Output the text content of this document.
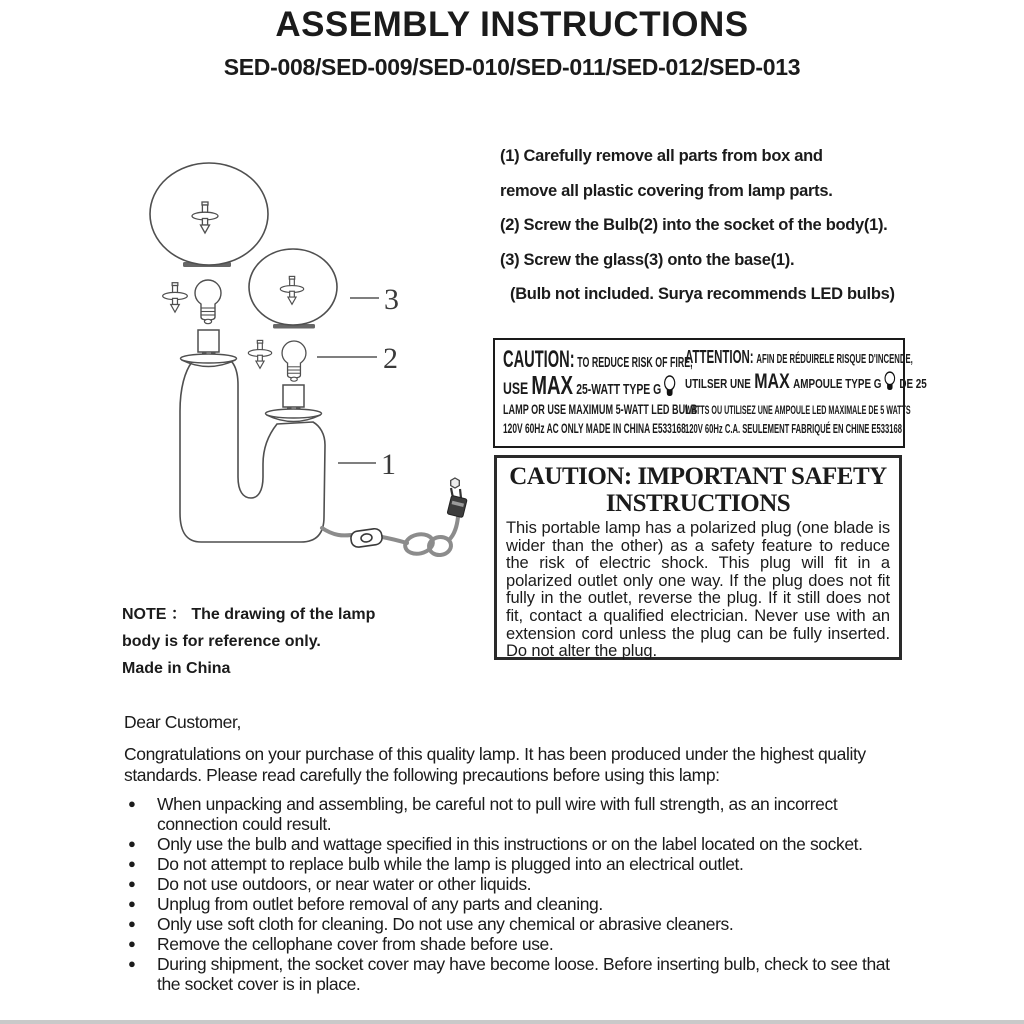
ASSEMBLY INSTRUCTIONS
SED-008/SED-009/SED-010/SED-011/SED-012/SED-013
3
2
1
(1) Carefully remove all parts from box and
remove all plastic covering from lamp parts.
(2) Screw the Bulb(2) into the socket of the body(1).
(3) Screw the glass(3) onto the base(1).
(Bulb not included. Surya recommends LED bulbs)
CAUTION: TO REDUCE RISK OF FIRE,
USE MAX 25-WATT TYPE G
LAMP OR USE MAXIMUM 5-WATT LED BULB
120V 60Hz AC ONLY MADE IN CHINA E533168
ATTENTION: AFIN DE RÉDUIRELE RISQUE D'INCENDE,
UTILSER UNE MAX AMPOULE TYPE G DE 25
WATTS OU UTILISEZ UNE AMPOULE LED MAXIMALE DE 5 WATTS
120V 60Hz C.A. SEULEMENT FABRIQUÉ EN CHINE E533168
CAUTION: IMPORTANT SAFETY
INSTRUCTIONS
This portable lamp has a polarized plug (one blade is wider than the other) as a safety feature to reduce the risk of electric shock. This plug will fit in a polarized outlet only one way. If the plug does not fit fully in the outlet, reverse the plug. If it still does not fit, contact a qualified electrician. Never use with an extension cord unless the plug can be fully inserted. Do not alter the plug.
NOTE ： The drawing of the lamp
body is for reference only.
Made in China
Dear Customer,
Congratulations on your purchase of this quality lamp. It has been produced under the highest quality standards. Please read carefully the following precautions before using this lamp:
●	When unpacking and assembling, be careful not to pull wire with full strength, as an incorrect connection could result.
●	Only use the bulb and wattage specified in this instructions or on the label located on the socket.
●	Do not attempt to replace bulb while the lamp is plugged into an electrical outlet.
●	Do not use outdoors, or near water or other liquids.
●	Unplug from outlet before removal of any parts and cleaning.
●	Only use soft cloth for cleaning. Do not use any chemical or abrasive cleaners.
●	Remove the cellophane cover from shade before use.
●	During shipment, the socket cover may have become loose. Before inserting bulb, check to see that the socket cover is in place.
